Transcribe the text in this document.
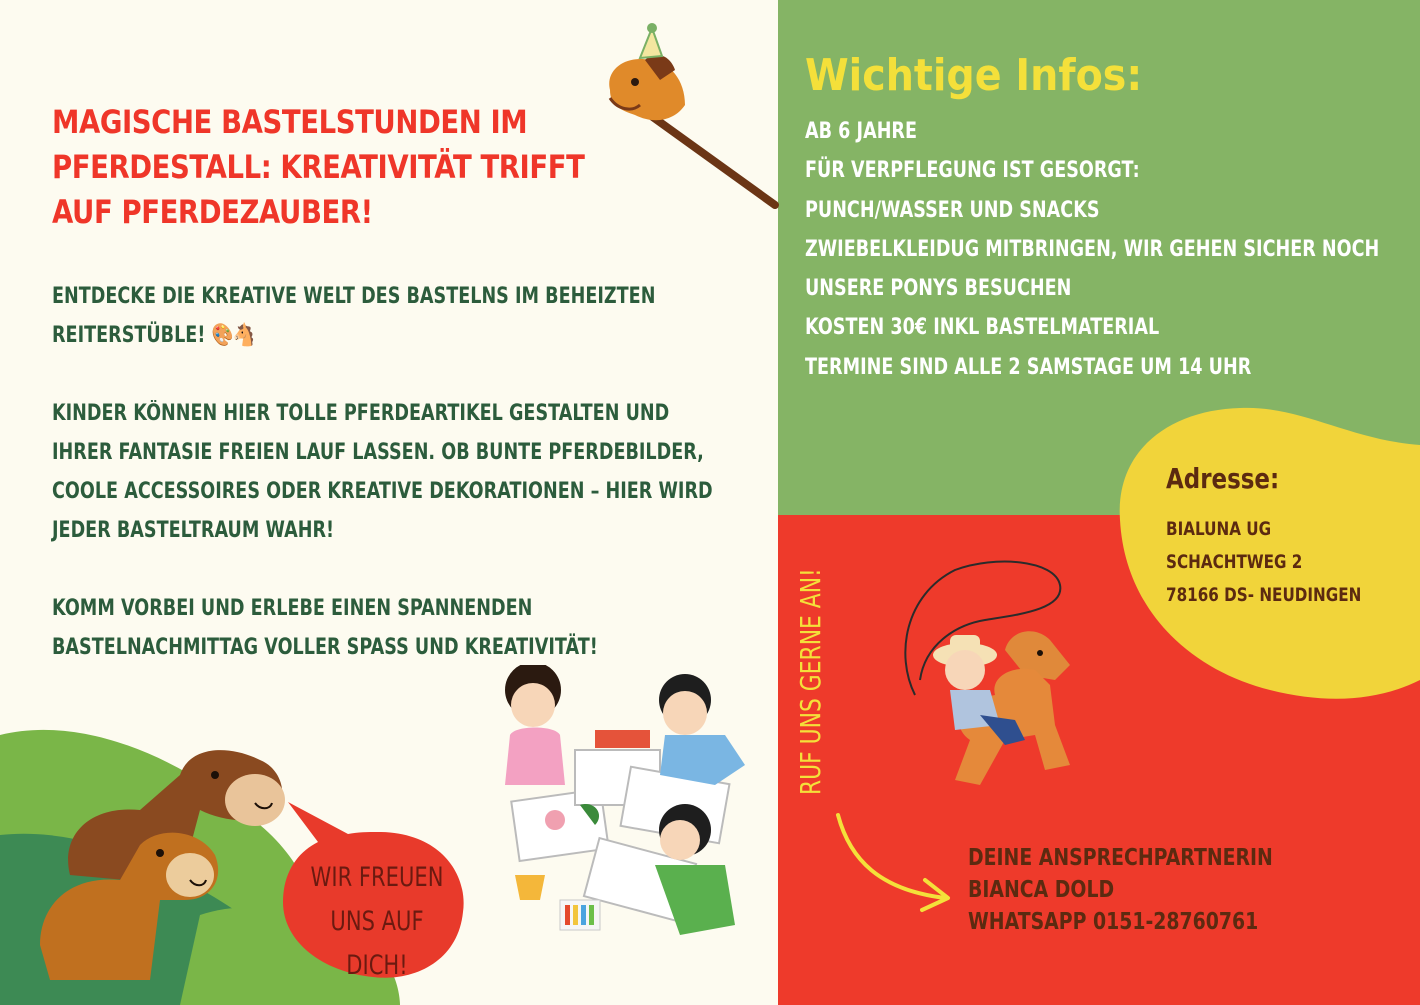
MAGISCHE BASTELSTUNDEN IM PFERDESTALL: KREATIVITÄT TRIFFT AUF PFERDEZAUBER!

ENTDECKE DIE KREATIVE WELT DES BASTELNS IM BEHEIZTEN REITERSTÜBLE! 🎨🐴

KINDER KÖNNEN HIER TOLLE PFERDEARTIKEL GESTALTEN UND IHRER FANTASIE FREIEN LAUF LASSEN. OB BUNTE PFERDEBILDER, COOLE ACCESSOIRES ODER KREATIVE DEKORATIONEN – HIER WIRD JEDER BASTELTRAUM WAHR!

KOMM VORBEI UND ERLEBE EINEN SPANNENDEN BASTELNACHMITTAG VOLLER SPASS UND KREATIVITÄT!

WIR FREUEN UNS AUF DICH!

Wichtige Infos:
AB 6 JAHRE
FÜR VERPFLEGUNG IST GESORGT:
PUNCH/WASSER UND SNACKS
ZWIEBELKLEIDUG MITBRINGEN, WIR GEHEN SICHER NOCH
UNSERE PONYS BESUCHEN
KOSTEN 30€ INKL BASTELMATERIAL
TERMINE SIND ALLE 2 SAMSTAGE UM 14 UHR
Adresse:
BIALUNA UG
SCHACHTWEG 2
78166 DS- NEUDINGEN
DEINE ANSPRECHPARTNERIN
BIANCA DOLD
WHATSAPP 0151-28760761
